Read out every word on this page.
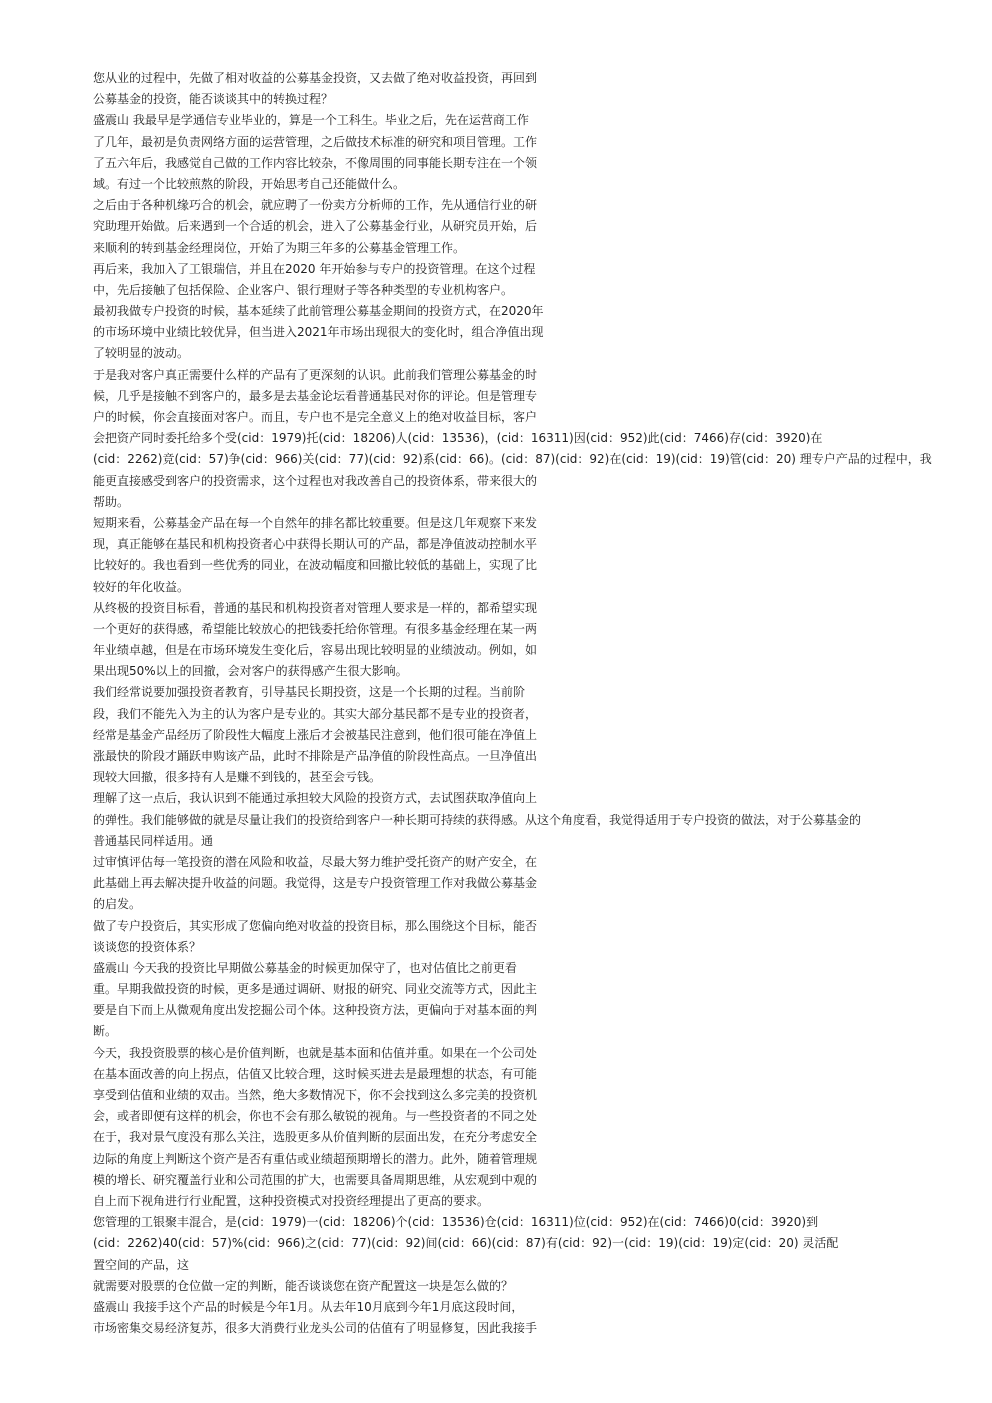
您从业的过程中，先做了相对收益的公募基金投资，又去做了绝对收益投资，再回到
公募基金的投资，能否谈谈其中的转换过程？
盛震山 我最早是学通信专业毕业的，算是一个工科生。毕业之后，先在运营商工作
了几年，最初是负责网络方面的运营管理，之后做技术标准的研究和项目管理。工作
了五六年后，我感觉自己做的工作内容比较杂，不像周围的同事能长期专注在一个领
域。有过一个比较煎熬的阶段，开始思考自己还能做什么。
之后由于各种机缘巧合的机会，就应聘了一份卖方分析师的工作，先从通信行业的研
究助理开始做。后来遇到一个合适的机会，进入了公募基金行业，从研究员开始，后
来顺利的转到基金经理岗位，开始了为期三年多的公募基金管理工作。
再后来，我加入了工银瑞信，并且在2020 年开始参与专户的投资管理。在这个过程
中，先后接触了包括保险、企业客户、银行理财子等各种类型的专业机构客户。
最初我做专户投资的时候，基本延续了此前管理公募基金期间的投资方式，在2020年
的市场环境中业绩比较优异，但当进入2021年市场出现很大的变化时，组合净值出现
了较明显的波动。
于是我对客户真正需要什么样的产品有了更深刻的认识。此前我们管理公募基金的时
候，几乎是接触不到客户的，最多是去基金论坛看普通基民对你的评论。但是管理专
户的时候，你会直接面对客户。而且，专户也不是完全意义上的绝对收益目标，客户
会把资产同时委托给多个受(cid：1979)托(cid：18206)人(cid：13536)，(cid：16311)因(cid：952)此(cid：7466)存(cid：3920)在
(cid：2262)竞(cid：57)争(cid：966)关(cid：77)(cid：92)系(cid：66)。(cid：87)(cid：92)在(cid：19)(cid：19)管(cid：20) 理专户产品的过程中，我
能更直接感受到客户的投资需求，这个过程也对我改善自己的投资体系，带来很大的
帮助。
短期来看，公募基金产品在每一个自然年的排名都比较重要。但是这几年观察下来发
现，真正能够在基民和机构投资者心中获得长期认可的产品，都是净值波动控制水平
比较好的。我也看到一些优秀的同业，在波动幅度和回撤比较低的基础上，实现了比
较好的年化收益。
从终极的投资目标看，普通的基民和机构投资者对管理人要求是一样的，都希望实现
一个更好的获得感，希望能比较放心的把钱委托给你管理。有很多基金经理在某一两
年业绩卓越，但是在市场环境发生变化后，容易出现比较明显的业绩波动。例如，如
果出现50%以上的回撤，会对客户的获得感产生很大影响。
我们经常说要加强投资者教育，引导基民长期投资，这是一个长期的过程。当前阶
段，我们不能先入为主的认为客户是专业的。其实大部分基民都不是专业的投资者，
经常是基金产品经历了阶段性大幅度上涨后才会被基民注意到，他们很可能在净值上
涨最快的阶段才踊跃申购该产品，此时不排除是产品净值的阶段性高点。一旦净值出
现较大回撤，很多持有人是赚不到钱的，甚至会亏钱。
理解了这一点后，我认识到不能通过承担较大风险的投资方式，去试图获取净值向上
的弹性。我们能够做的就是尽量让我们的投资给到客户一种长期可持续的获得感。从这个角度看，我觉得适用于专户投资的做法，对于公募基金的
普通基民同样适用。通
过审慎评估每一笔投资的潜在风险和收益，尽最大努力维护受托资产的财产安全，在
此基础上再去解决提升收益的问题。我觉得，这是专户投资管理工作对我做公募基金
的启发。
做了专户投资后，其实形成了您偏向绝对收益的投资目标，那么围绕这个目标，能否
谈谈您的投资体系？
盛震山 今天我的投资比早期做公募基金的时候更加保守了，也对估值比之前更看
重。早期我做投资的时候，更多是通过调研、财报的研究、同业交流等方式，因此主
要是自下而上从微观角度出发挖掘公司个体。这种投资方法，更偏向于对基本面的判
断。
今天，我投资股票的核心是价值判断，也就是基本面和估值并重。如果在一个公司处
在基本面改善的向上拐点，估值又比较合理，这时候买进去是最理想的状态，有可能
享受到估值和业绩的双击。当然，绝大多数情况下，你不会找到这么多完美的投资机
会，或者即便有这样的机会，你也不会有那么敏锐的视角。与一些投资者的不同之处
在于，我对景气度没有那么关注，选股更多从价值判断的层面出发，在充分考虑安全
边际的角度上判断这个资产是否有重估或业绩超预期增长的潜力。此外，随着管理规
模的增长、研究覆盖行业和公司范围的扩大，也需要具备周期思维，从宏观到中观的
自上而下视角进行行业配置，这种投资模式对投资经理提出了更高的要求。
您管理的工银聚丰混合，是(cid：1979)一(cid：18206)个(cid：13536)仓(cid：16311)位(cid：952)在(cid：7466)0(cid：3920)到
(cid：2262)40(cid：57)%(cid：966)之(cid：77)(cid：92)间(cid：66)(cid：87)有(cid：92)一(cid：19)(cid：19)定(cid：20) 灵活配
置空间的产品，这
就需要对股票的仓位做一定的判断，能否谈谈您在资产配置这一块是怎么做的？
盛震山 我接手这个产品的时候是今年1月。从去年10月底到今年1月底这段时间，
市场密集交易经济复苏，很多大消费行业龙头公司的估值有了明显修复，因此我接手
